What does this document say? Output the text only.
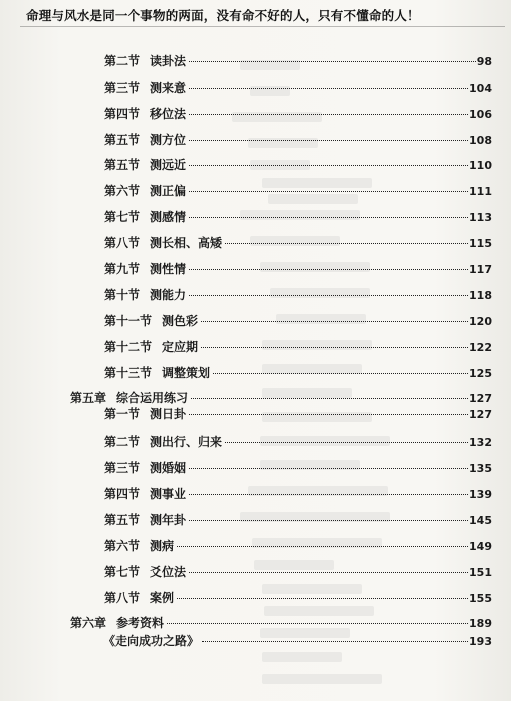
命理与风水是同一个事物的两面，没有命不好的人，只有不懂命的人！
第二节 读卦法	98
第三节 测来意	104
第四节 移位法	106
第五节 测方位	108
第五节 测远近	110
第六节 测正偏	111
第七节 测感情	113
第八节 测长相、高矮	115
第九节 测性情	117
第十节 测能力	118
第十一节 测色彩	120
第十二节 定应期	122
第十三节 调整策划	125
第五章 综合运用练习	127
第一节 测日卦	127
第二节 测出行、归来	132
第三节 测婚姻	135
第四节 测事业	139
第五节 测年卦	145
第六节 测病	149
第七节 爻位法	151
第八节 案例	155
第六章 参考资料	189
《走向成功之路》	193
